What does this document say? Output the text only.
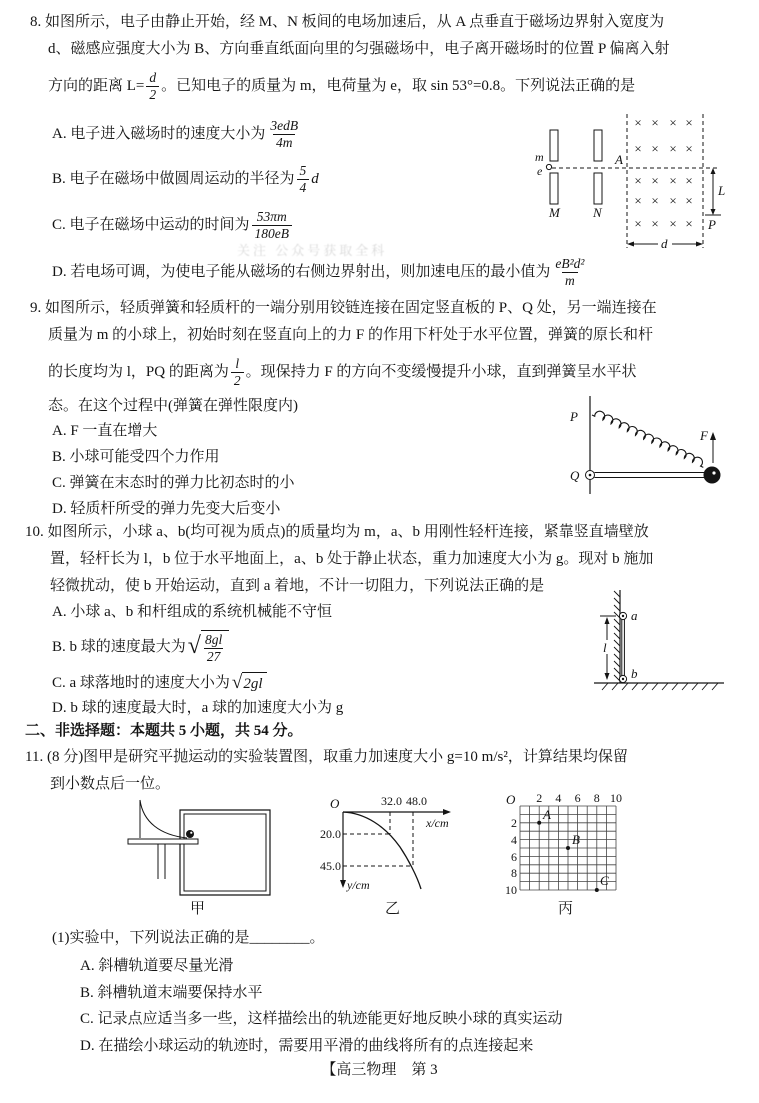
8. 如图所示，电子由静止开始，经 M、N 板间的电场加速后，从 A 点垂直于磁场边界射入宽度为
d、磁感应强度大小为 B、方向垂直纸面向里的匀强磁场中，电子离开磁场时的位置 P 偏离入射
方向的距离 $L= \frac{d}{2}$ 。已知电子的质量为 m，电荷量为 e，取 sin 53°=0.8。下列说法正确的是
A. 电子进入磁场时的速度大小为 $\frac{\text{3edB}}{4m}$
B. 电子在磁场中做圆周运动的半径为 $\frac{5}{4}$ d
C. 电子在磁场中运动的时间为 $\frac{53\pi m}{180eB}$
D. 若电场可调，为使电子能从磁场的右侧边界射出，则加速电压的最小值为 $\frac{\text{eB²d²}}{m}$
关注 公众号获取全科
m
e
M	N
A
× × × ×
× × × ×
× × × ×
× × × ×
× × × ×
L
P
d
9. 如图所示，轻质弹簧和轻质杆的一端分别用铰链连接在固定竖直板的 P、Q 处，另一端连接在
质量为 m 的小球上，初始时刻在竖直向上的力 F 的作用下杆处于水平位置，弹簧的原长和杆
的长度均为 l，PQ 的距离为 $\frac{l}{2}$ 。现保持力 F 的方向不变缓慢提升小球，直到弹簧呈水平状
态。在这个过程中(弹簧在弹性限度内)
A. F 一直在增大
B. 小球可能受四个力作用
C. 弹簧在末态时的弹力比初态时的小
D. 轻质杆所受的弹力先变大后变小
P
Q
F
10. 如图所示，小球 a、b(均可视为质点)的质量均为 m，a、b 用刚性轻杆连接，紧靠竖直墙壁放
置，轻杆长为 l，b 位于水平地面上，a、b 处于静止状态，重力加速度大小为 g。现对 b 施加
轻微扰动，使 b 开始运动，直到 a 着地，不计一切阻力，下列说法正确的是
A. 小球 a、b 和杆组成的系统机械能不守恒
B. b 球的速度最大为 √ $\frac{8gl}{27}$
C. a 球落地时的速度大小为 √ 2gl
D. b 球的速度最大时，a 球的加速度大小为 g
a
b
l
二、非选择题：本题共 5 小题，共 54 分。
11. (8 分)图甲是研究平抛运动的实验装置图，取重力加速度大小 g=10 m/s²，计算结果均保留
到小数点后一位。
甲
O	32.0 48.0
x/cm
20.0
45.0
y/cm
乙
O 2 4 6 8 10
2
4
6
8
10
A
B
C
丙
(1)实验中，下列说法正确的是________。
A. 斜槽轨道要尽量光滑
B. 斜槽轨道末端要保持水平
C. 记录点应适当多一些，这样描绘出的轨迹能更好地反映小球的真实运动
D. 在描绘小球运动的轨迹时，需要用平滑的曲线将所有的点连接起来
【高三物理　第 3
